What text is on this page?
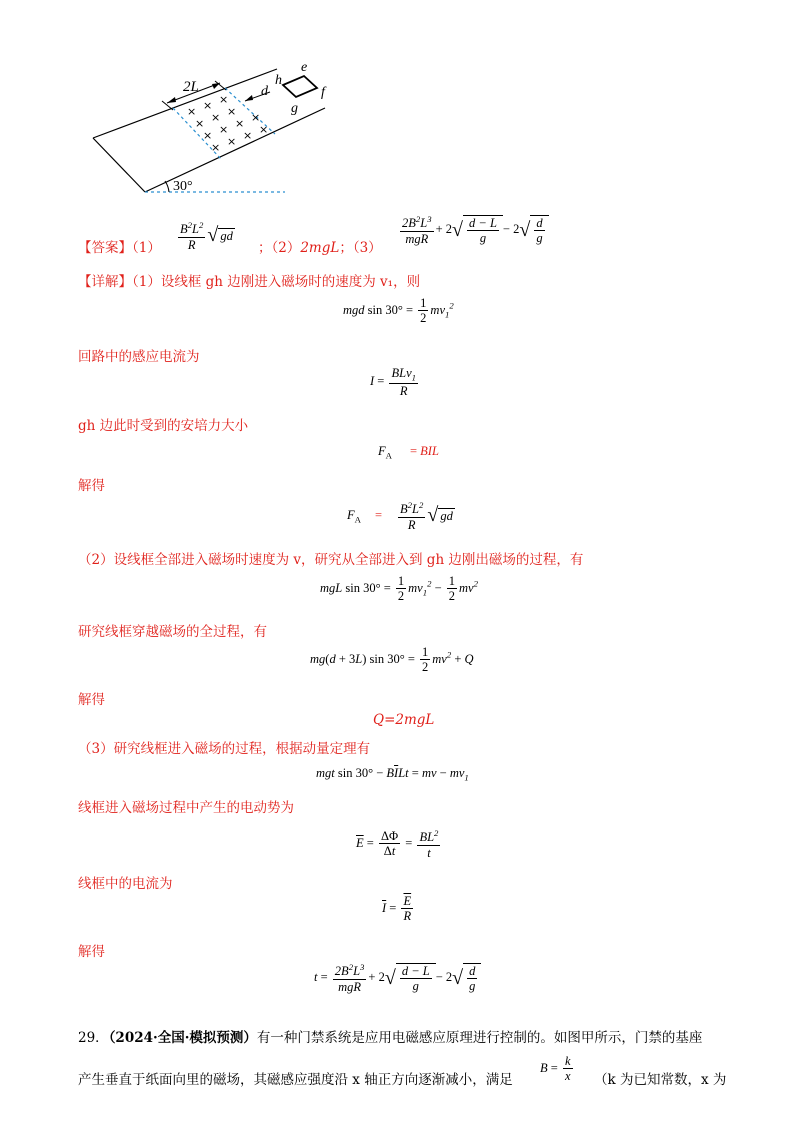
2L	d
h
e
f
g
30°
× × ×
× × ×
× × × ×
× × × ×
【答案】$(1) \frac{B^2L^2}{R}$ √ gd
；（2）2mgL；（3）
$\frac{2B^2L^3}{\text{mgR}} + 2√ \frac{d - L}{g} - 2√ \frac{d}{g}$
【详解】（1）设线框 gh 边刚进入磁场时的速度为 v₁，则
mgd $\sin 30^\circ = \frac{1}{2} mv_1^2$
回路中的感应电流为
$I = \frac{BLv_1}{R}$
gh 边此时受到的安培力大小
$F_A$ = BIL
解得
$F_A = \frac{B^2L^2}{R}$ √ gd
（2）设线框全部进入磁场时速度为 v，研究从全部进入到 gh 边刚出磁场的过程，有
mgL $\sin 30^\circ = \frac{1}{2} mv_1^2 - \frac{1}{2} mv^2$
研究线框穿越磁场的全过程，有
mg(d + 3L) $\sin 30^\circ = \frac{1}{2} mv^2 + Q$
解得
Q=2mgL
（3）研究线框进入磁场的过程，根据动量定理有
mgt $\sin 30^\circ - B\overline{I}Lt$ = mv − $mv_1$
线框进入磁场过程中产生的电动势为
$\overline{E} = \frac{\Delta\Phi}{\Delta t} = \frac{BL^2}{t}$
线框中的电流为
$\overline{I} = \frac{\overline{E}}{R}$
解得
$t = \frac{2B^2L^3}{\text{mgR}} + 2√ \frac{d - L}{g} - 2√ \frac{d}{g}$
29．（2024·全国·模拟预测）有一种门禁系统是应用电磁感应原理进行控制的。如图甲所示，门禁的基座
产生垂直于纸面向里的磁场，其磁感应强度沿 x 轴正方向逐渐减小，满足
$B = \frac{k}{x} (k$ 为已知常数，x 为
